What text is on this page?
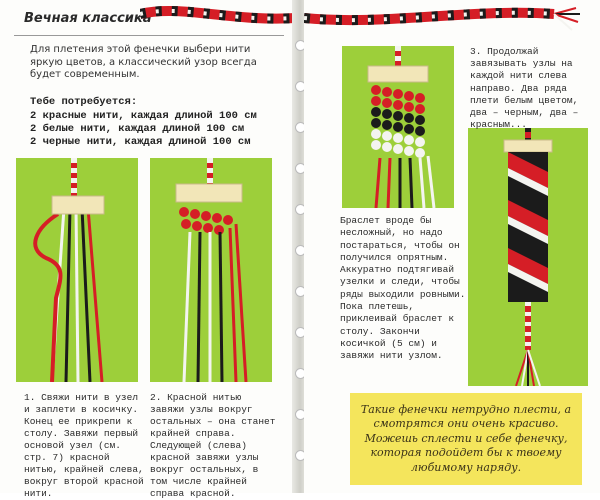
Вечная классика
Для плетения этой фенечки выбери нити яркую цветов, а классический узор всегда будет современным.
Тебе потребуется:
2 красные нити, каждая длиной 100 см
2 белые нити, каждая длиной 100 см
2 черные нити, каждая длиной 100 см
1. Свяжи нити в узел и заплети в косичку. Конец ее прикрепи к столу. Завяжи первый основой узел (см. стр. 7) красной нитью, крайней слева, вокруг второй красной нити.
2. Красной нитью завяжи узлы вокруг остальных – она станет крайней справа. Следующей (слева) красной завяжи узлы вокруг остальных, в том числе крайней справа красной.
3. Продолжай завязывать узлы на каждой нити слева направо. Два ряда плети белым цветом, два – черным, два – красным...
Браслет вроде бы несложный, но надо постараться, чтобы он получился опрятным. Аккуратно подтягивай узелки и следи, чтобы ряды выходили ровными. Пока плетешь, приклеивай браслет к столу. Закончи косичкой (5 см) и завяжи нити узлом.

Такие фенечки нетрудно плести, а смотрятся они очень красиво. Можешь сплести и себе фенечку, которая подойдет бы к твоему любимому наряду.
